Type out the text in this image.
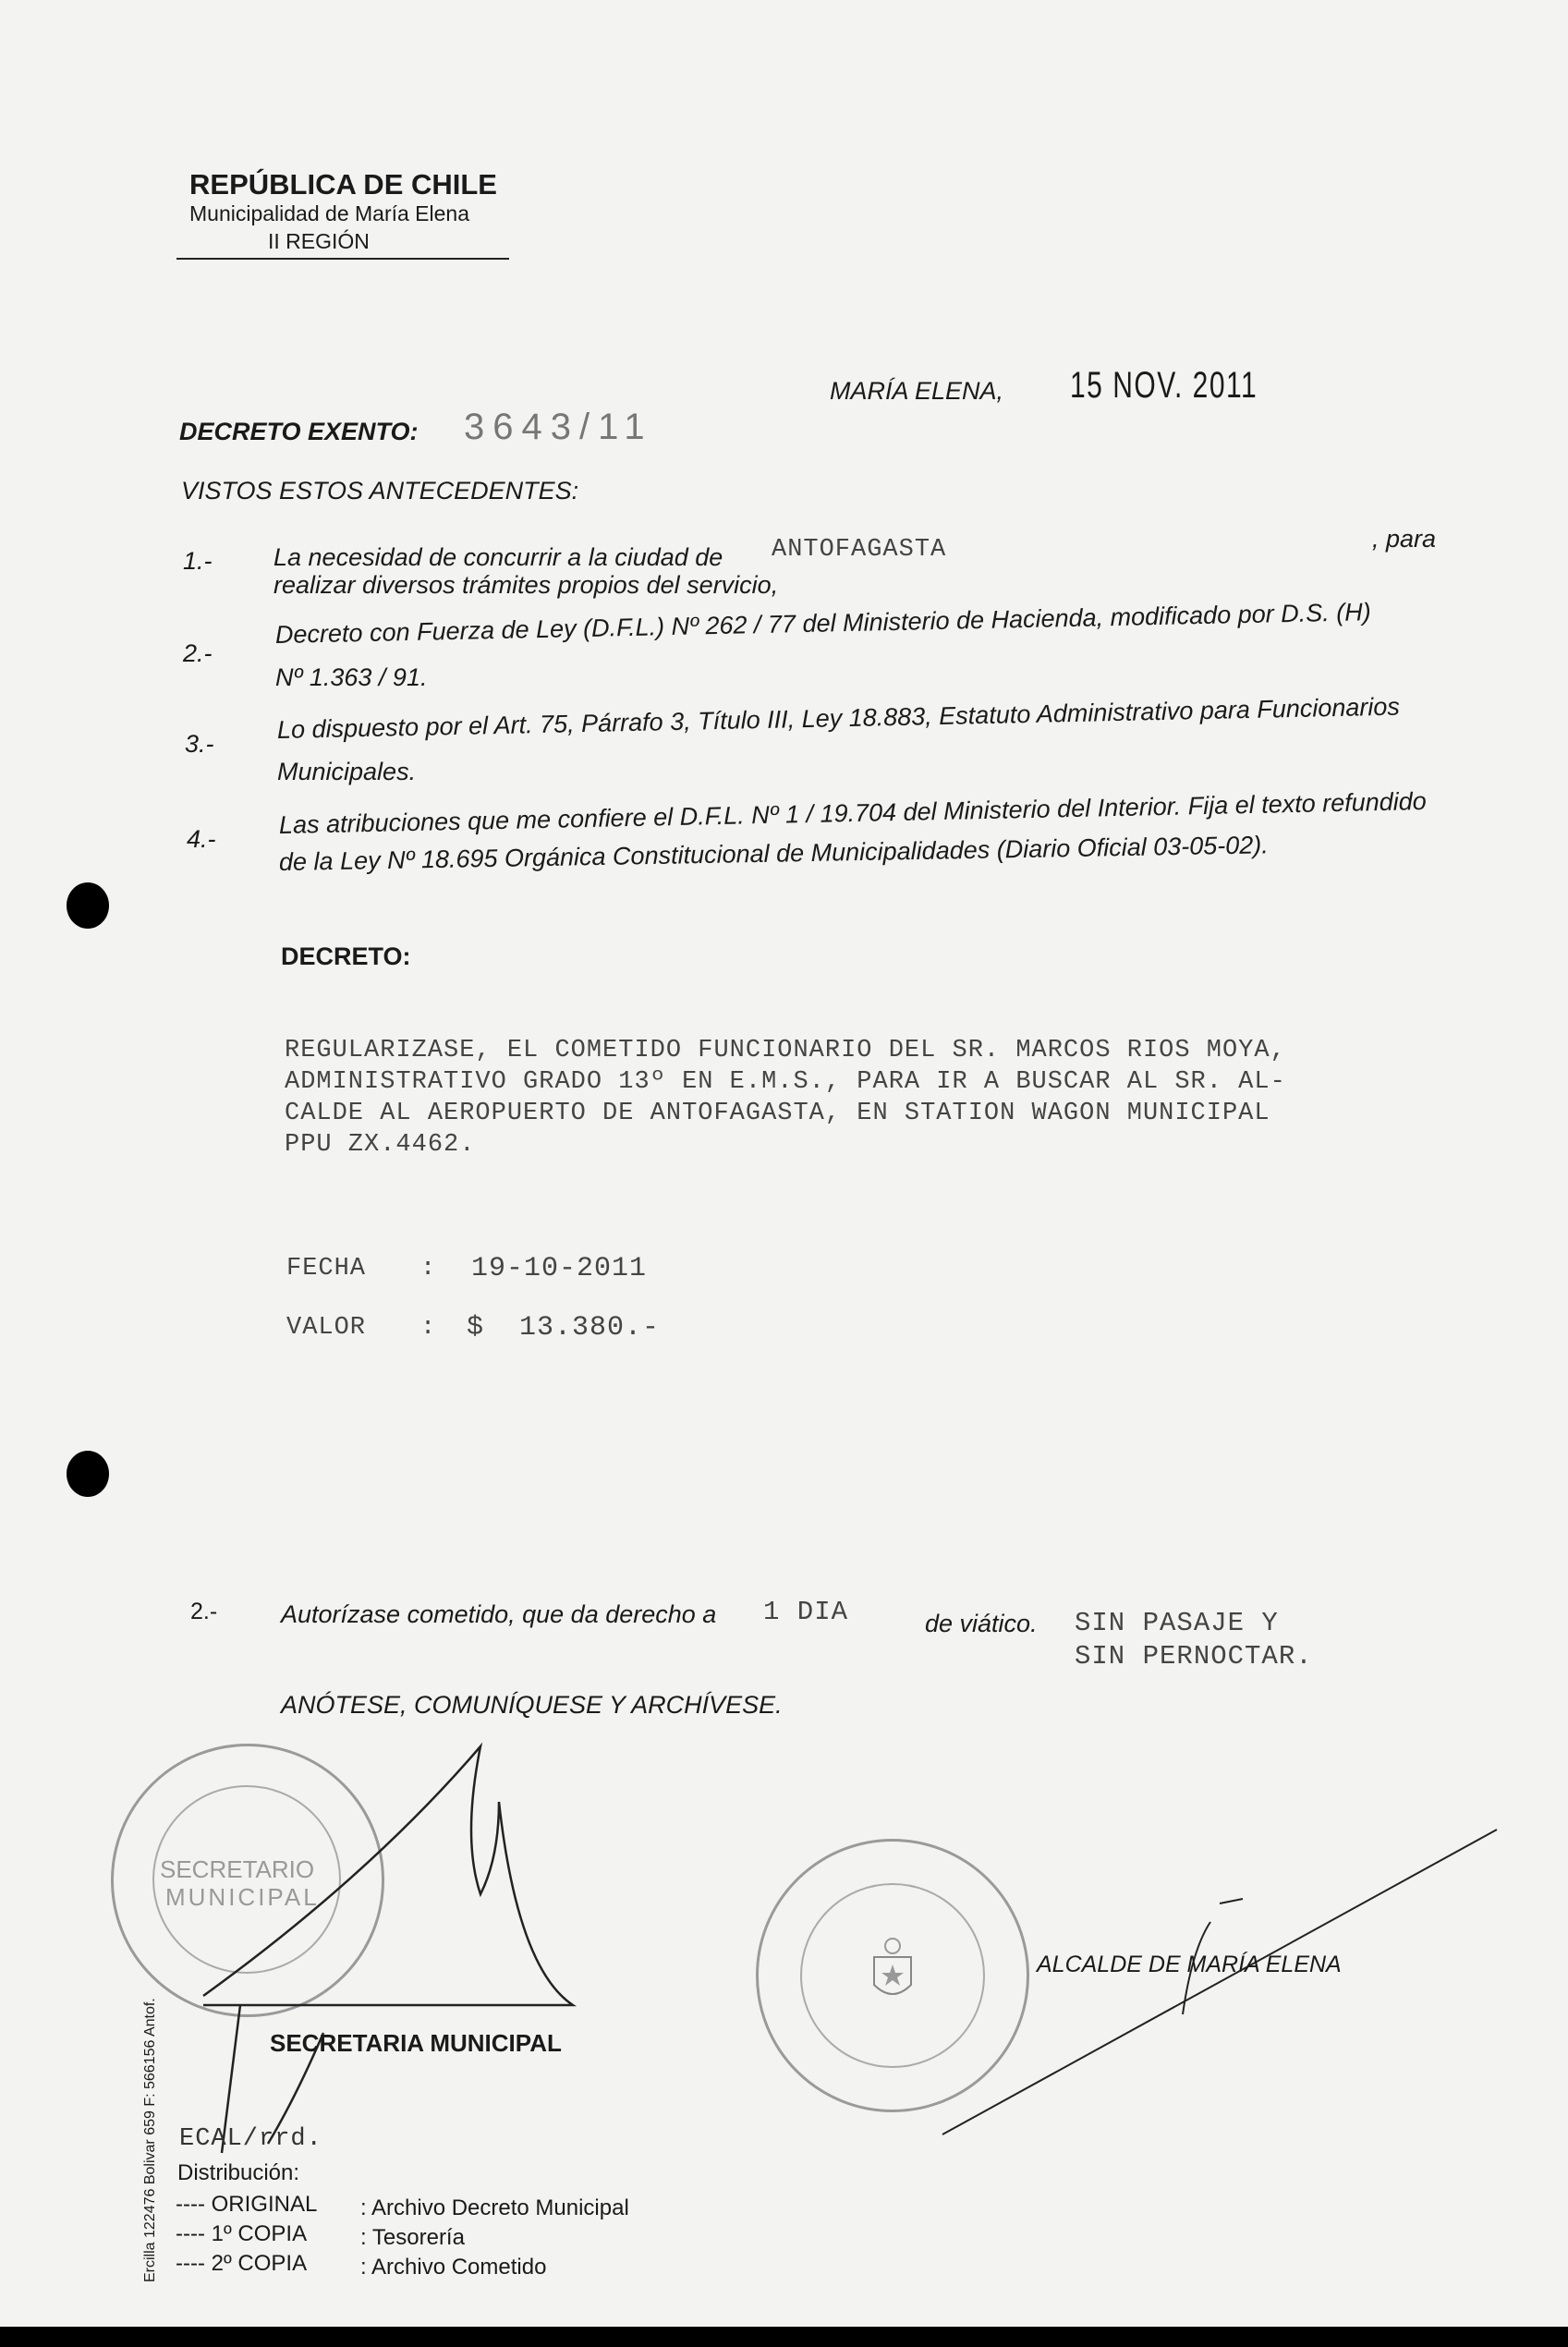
REPÚBLICA DE CHILE
Municipalidad de María Elena
II REGIÓN
MARÍA ELENA, 15 NOV. 2011
DECRETO EXENTO: 3643/11
VISTOS ESTOS ANTECEDENTES:
1.- La necesidad de concurrir a la ciudad de ANTOFAGASTA	, para
realizar diversos trámites propios del servicio,
2.-
Decreto con Fuerza de Ley (D.F.L.) Nº 262 / 77 del Ministerio de Hacienda, modificado por D.S. (H)
Nº 1.363 / 91.
3.-
Lo dispuesto por el Art. 75, Párrafo 3, Título III, Ley 18.883, Estatuto Administrativo para Funcionarios
Municipales.
4.-
Las atribuciones que me confiere el D.F.L. Nº 1 / 19.704 del Ministerio del Interior. Fija el texto refundido
de la Ley Nº 18.695 Orgánica Constitucional de Municipalidades (Diario Oficial 03-05-02).
DECRETO:
REGULARIZASE, EL COMETIDO FUNCIONARIO DEL SR. MARCOS RIOS MOYA,
ADMINISTRATIVO GRADO 13º EN E.M.S., PARA IR A BUSCAR AL SR. AL-
CALDE AL AEROPUERTO DE ANTOFAGASTA, EN STATION WAGON MUNICIPAL
PPU ZX.4462.
FECHA : 19-10-2011
VALOR : $  13.380.-
2.-	Autorízase cometido, que da derecho a 1 DIA	de viático. SIN PASAJE Y
SIN PERNOCTAR.
ANÓTESE, COMUNÍQUESE Y ARCHÍVESE.
SECRETARIO
MUNICIPAL
ALCALDE DE MARÍA ELENA
SECRETARIA MUNICIPAL
ECAL/rrd.
Distribución:
---- ORIGINAL : Archivo Decreto Municipal
---- 1º COPIA : Tesorería
---- 2º COPIA : Archivo Cometido
Ercilla 122476 Bolivar 659 F: 566156 Antof.
